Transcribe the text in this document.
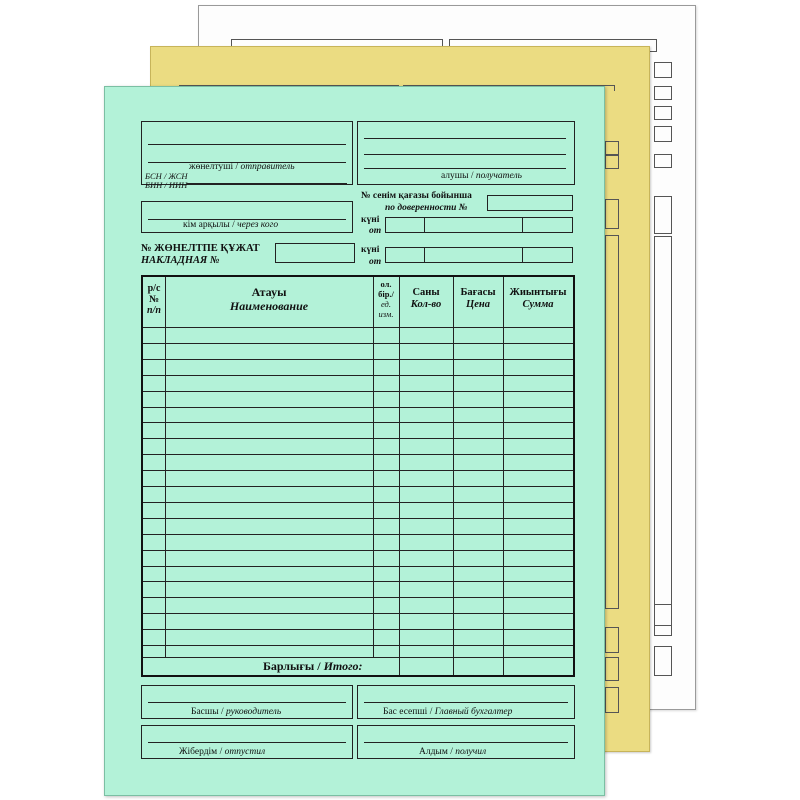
жөнелтуші / отправитель
БСН / ЖСН
БИН / ИИН
алушы / получатель
кім арқылы / через кого
№ сенім қағазы бойынша
по доверенности №
күні
от
№ ЖӨНЕЛТПЕ ҚҰЖАТ
НАКЛАДНАЯ №
күні
от
р/с
№
п/п
Атауы
Наименование
ол.
бір./
ед.
изм.
Саны
Кол-во
Бағасы
Цена
Жиынтығы
Сумма
Барлығы / Итого:
Басшы / руководитель	Бас есепші / Главный бухгалтер
Жібердім / отпустил	Алдым / получил
